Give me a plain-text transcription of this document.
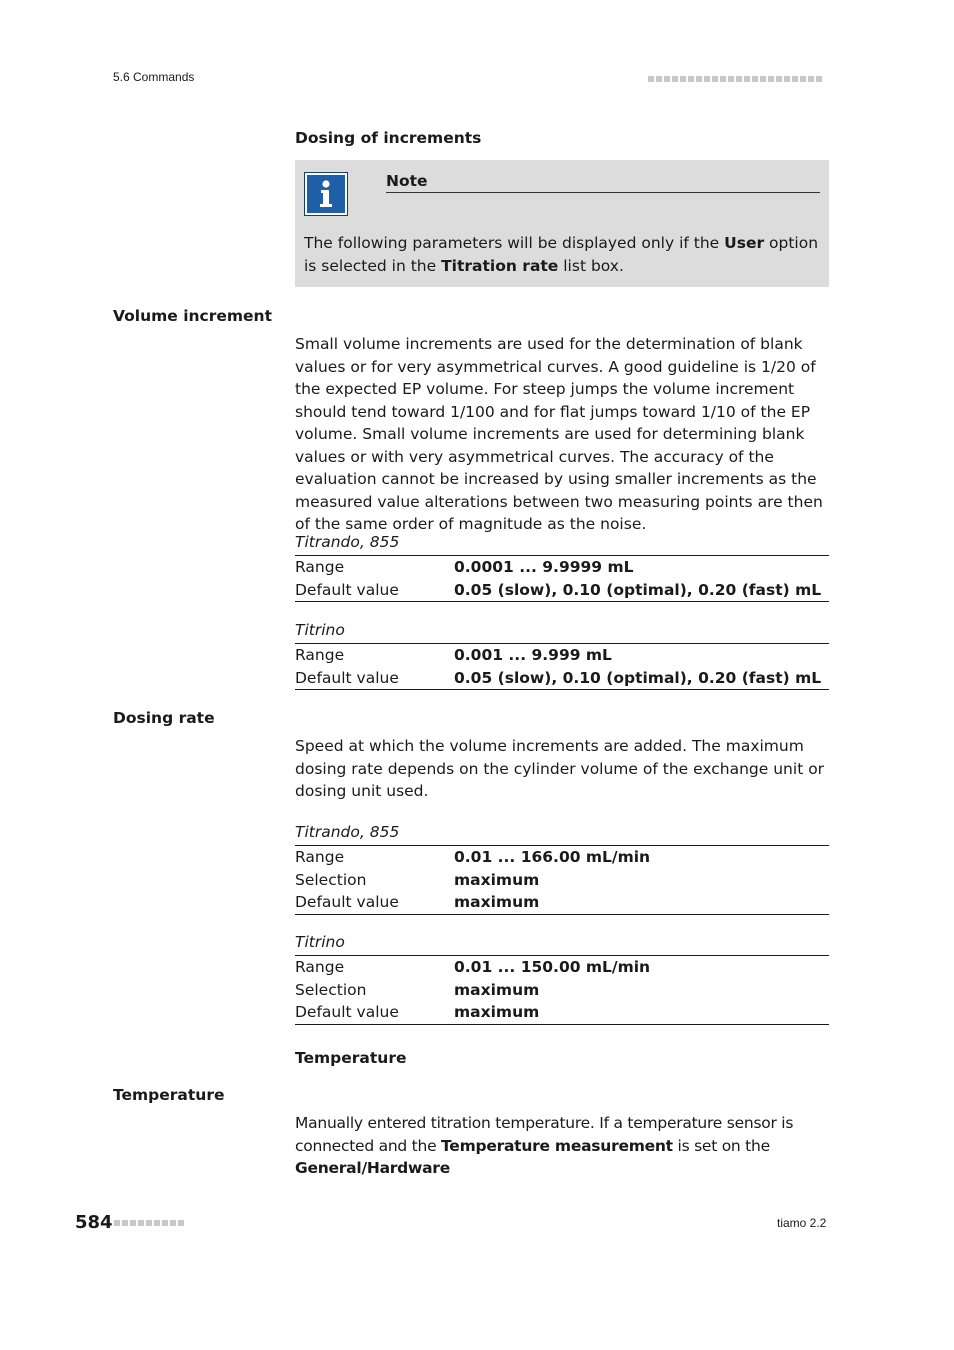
5.6 Commands
Dosing of increments
Note
The following parameters will be displayed only if the User option is selected in the Titration rate list box.
Volume increment
Small volume increments are used for the determination of blank values or for very asymmetrical curves. A good guideline is 1/20 of the expected EP volume. For steep jumps the volume increment should tend toward 1/100 and for flat jumps toward 1/10 of the EP volume. Small volume increments are used for determining blank values or with very asymmetrical curves. The accuracy of the evaluation cannot be increased by using smaller increments as the measured value alterations between two measuring points are then of the same order of magnitude as the noise.
Titrando, 855
Range	0.0001 ... 9.9999 mL
Default value	0.05 (slow), 0.10 (optimal), 0.20 (fast) mL
Titrino
Range	0.001 ... 9.999 mL
Default value	0.05 (slow), 0.10 (optimal), 0.20 (fast) mL
Dosing rate
Speed at which the volume increments are added. The maximum dosing rate depends on the cylinder volume of the exchange unit or dosing unit used.
Titrando, 855
Range	0.01 ... 166.00 mL/min
Selection	maximum
Default value	maximum
Titrino
Range	0.01 ... 150.00 mL/min
Selection	maximum
Default value	maximum
Temperature
Temperature
Manually entered titration temperature. If a temperature sensor is connected and the Temperature measurement is set on the General/Hardware
584	tiamo 2.2
